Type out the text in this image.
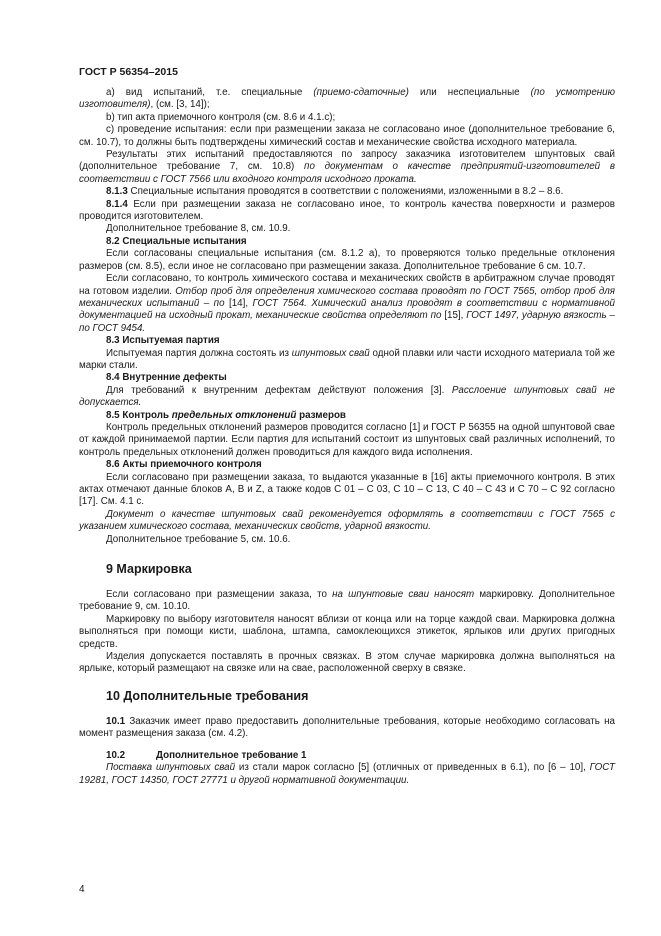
ГОСТ Р 56354–2015

а) вид испытаний, т.е. специальные (приемо-сдаточные) или неспециальные (по усмотрению изготовителя), (см. [3, 14]);

b) тип акта приемочного контроля (см. 8.6 и 4.1.с);

с) проведение испытания: если при размещении заказа не согласовано иное (дополнительное требование 6, см. 10.7), то должны быть подтверждены химический состав и механические свойства исходного материала.

Результаты этих испытаний предоставляются по запросу заказчика изготовителем шпунтовых свай (дополнительное требование 7, см. 10.8) по документам о качестве предприятий-изготовителей в соответствии с ГОСТ 7566 или входного контроля исходного проката.

8.1.3 Специальные испытания проводятся в соответствии с положениями, изложенными в 8.2 – 8.6.

8.1.4 Если при размещении заказа не согласовано иное, то контроль качества поверхности и размеров проводится изготовителем.

Дополнительное требование 8, см. 10.9.

8.2 Специальные испытания

Если согласованы специальные испытания (см. 8.1.2 а), то проверяются только предельные отклонения размеров (см. 8.5), если иное не согласовано при размещении заказа. Дополнительное требование 6 см. 10.7.

Если согласовано, то контроль химического состава и механических свойств в арбитражном случае проводят на готовом изделии. Отбор проб для определения химического состава проводят по ГОСТ 7565, отбор проб для механических испытаний – по [14], ГОСТ 7564. Химический анализ проводят в соответствии с нормативной документацией на исходный прокат, механические свойства определяют по [15], ГОСТ 1497, ударную вязкость – по ГОСТ 9454.

8.3 Испытуемая партия

Испытуемая партия должна состоять из шпунтовых свай одной плавки или части исходного материала той же марки стали.

8.4 Внутренние дефекты

Для требований к внутренним дефектам действуют положения [3]. Расслоение шпунтовых свай не допускается.

8.5 Контроль предельных отклонений размеров

Контроль предельных отклонений размеров проводится согласно [1] и ГОСТ Р 56355 на одной шпунтовой свае от каждой принимаемой партии. Если партия для испытаний состоит из шпунтовых свай различных исполнений, то контроль предельных отклонений должен проводиться для каждого вида исполнения.

8.6 Акты приемочного контроля

Если согласовано при размещении заказа, то выдаются указанные в [16] акты приемочного контроля. В этих актах отмечают данные блоков А, В и Z, а также кодов С 01 – С 03, С 10 – С 13, С 40 – С 43 и С 70 – С 92 согласно [17]. См. 4.1 с.

Документ о качестве шпунтовых свай рекомендуется оформлять в соответствии с ГОСТ 7565 с указанием химического состава, механических свойств, ударной вязкости.

Дополнительное требование 5, см. 10.6.

9 Маркировка

Если согласовано при размещении заказа, то на шпунтовые сваи наносят маркировку. Дополнительное требование 9, см. 10.10.

Маркировку по выбору изготовителя наносят вблизи от конца или на торце каждой сваи. Маркировка должна выполняться при помощи кисти, шаблона, штампа, самоклеющихся этикеток, ярлыков или других пригодных средств.

Изделия допускается поставлять в прочных связках. В этом случае маркировка должна выполняться на ярлыке, который размещают на связке или на свае, расположенной сверху в связке.

10 Дополнительные требования

10.1 Заказчик имеет право предоставить дополнительные требования, которые необходимо согласовать на момент размещения заказа (см. 4.2).

10.2	Дополнительное требование 1

Поставка шпунтовых свай из стали марок согласно [5] (отличных от приведенных в 6.1), по [6 – 10], ГОСТ 19281, ГОСТ 14350, ГОСТ 27771 и другой нормативной документации.

4
